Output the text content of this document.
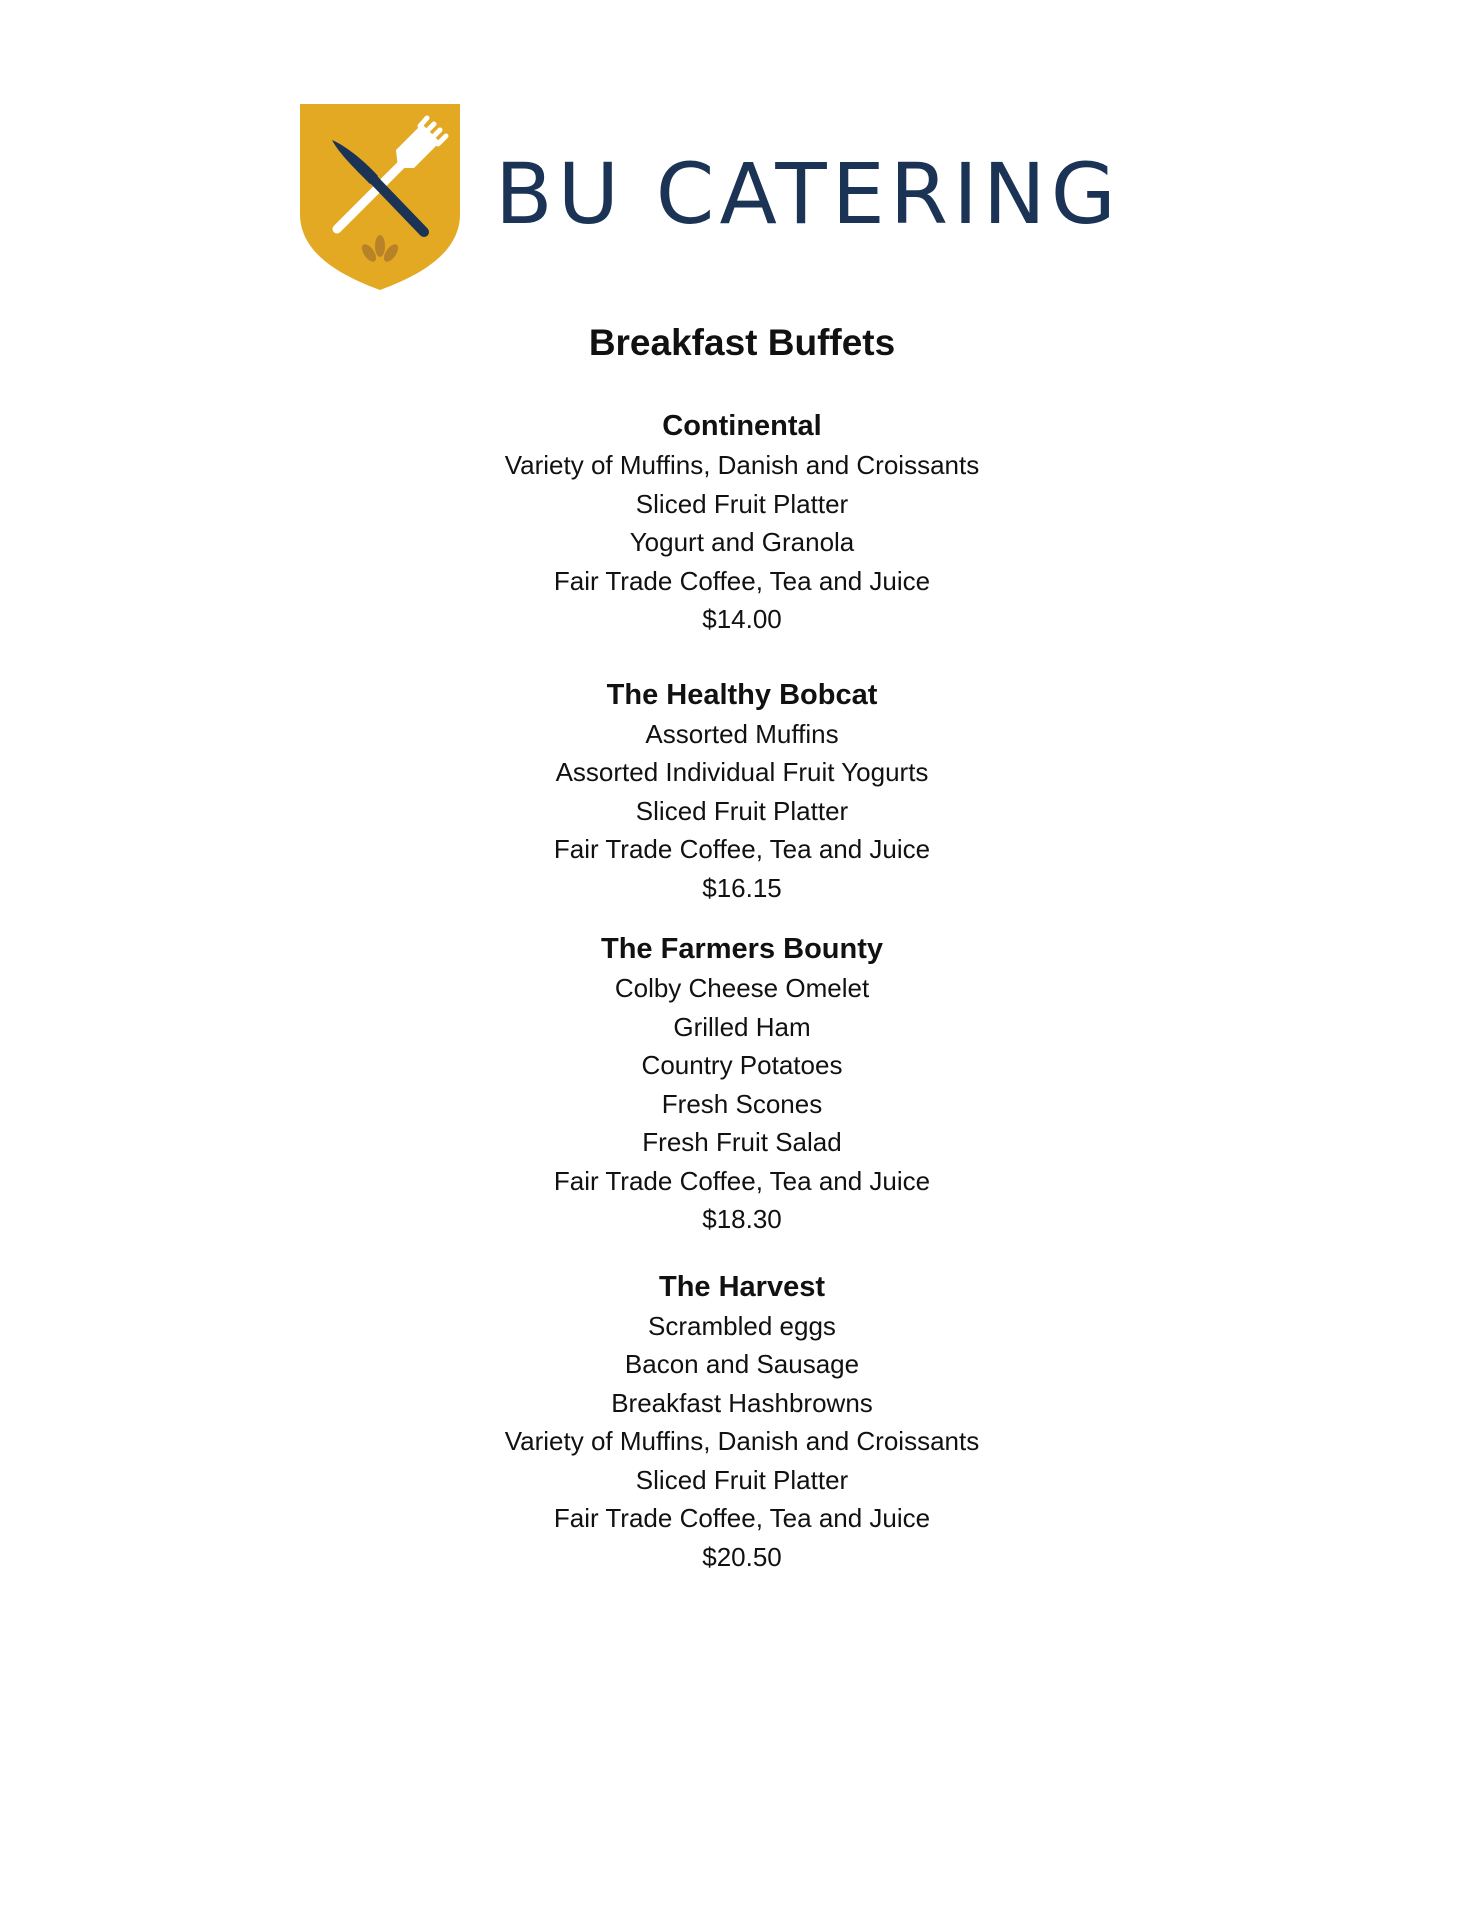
BU CATERING
Breakfast Buffets
Continental
Variety of Muffins, Danish and Croissants
Sliced Fruit Platter
Yogurt and Granola
Fair Trade Coffee, Tea and Juice
$14.00
The Healthy Bobcat
Assorted Muffins
Assorted Individual Fruit Yogurts
Sliced Fruit Platter
Fair Trade Coffee, Tea and Juice
$16.15
The Farmers Bounty
Colby Cheese Omelet
Grilled Ham
Country Potatoes
Fresh Scones
Fresh Fruit Salad
Fair Trade Coffee, Tea and Juice
$18.30
The Harvest
Scrambled eggs
Bacon and Sausage
Breakfast Hashbrowns
Variety of Muffins, Danish and Croissants
Sliced Fruit Platter
Fair Trade Coffee, Tea and Juice
$20.50
